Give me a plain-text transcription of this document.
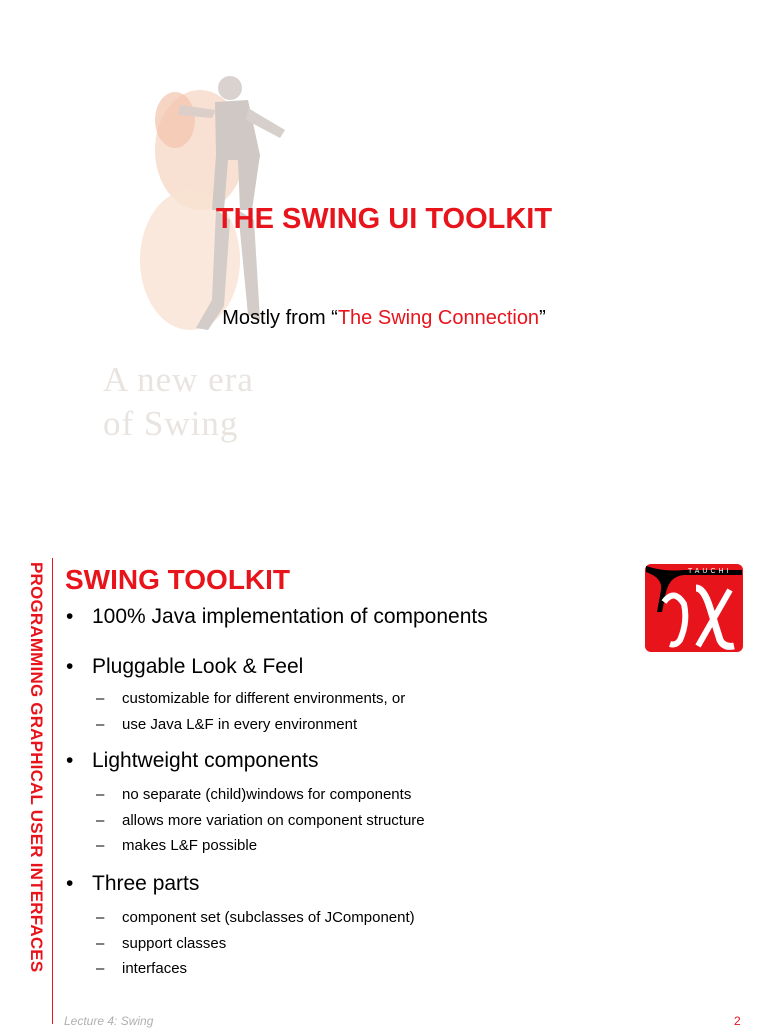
A new era
of Swing
THE SWING UI TOOLKIT
Mostly from “The Swing Connection”
PROGRAMMING GRAPHICAL USER INTERFACES SWING TOOLKIT	TAUCHI
• 100% Java implementation of components
• Pluggable Look & Feel
– customizable for different environments, or
– use Java L&F in every environment
• Lightweight components
– no separate (child)windows for components
– allows more variation on component structure
– makes L&F possible
• Three parts
– component set (subclasses of JComponent)
– support classes
– interfaces
Lecture 4: Swing	2
